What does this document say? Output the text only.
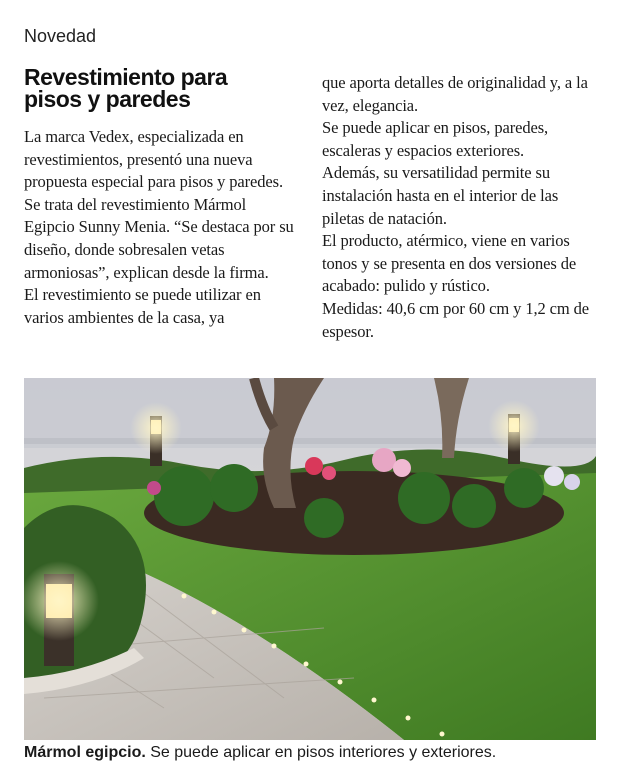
Novedad
Revestimiento para
pisos y paredes

La marca Vedex, especializada en revestimientos, presentó una nueva propuesta especial para pisos y paredes. Se trata del revestimiento Mármol Egipcio Sunny Menia. “Se destaca por su diseño, donde sobresalen vetas armoniosas”, explican desde la firma.

El revestimiento se puede utilizar en varios ambientes de la casa, ya

que aporta detalles de originalidad y, a la vez, elegancia.

Se puede aplicar en pisos, paredes, escaleras y espacios exteriores.

Además, su versatilidad permite su instalación hasta en el interior de las piletas de natación.

El producto, atérmico, viene en varios tonos y se presenta en dos versiones de acabado: pulido y rústico.

Medidas: 40,6 cm por 60 cm y 1,2 cm de espesor.

Mármol egipcio. Se puede aplicar en pisos interiores y exteriores.
